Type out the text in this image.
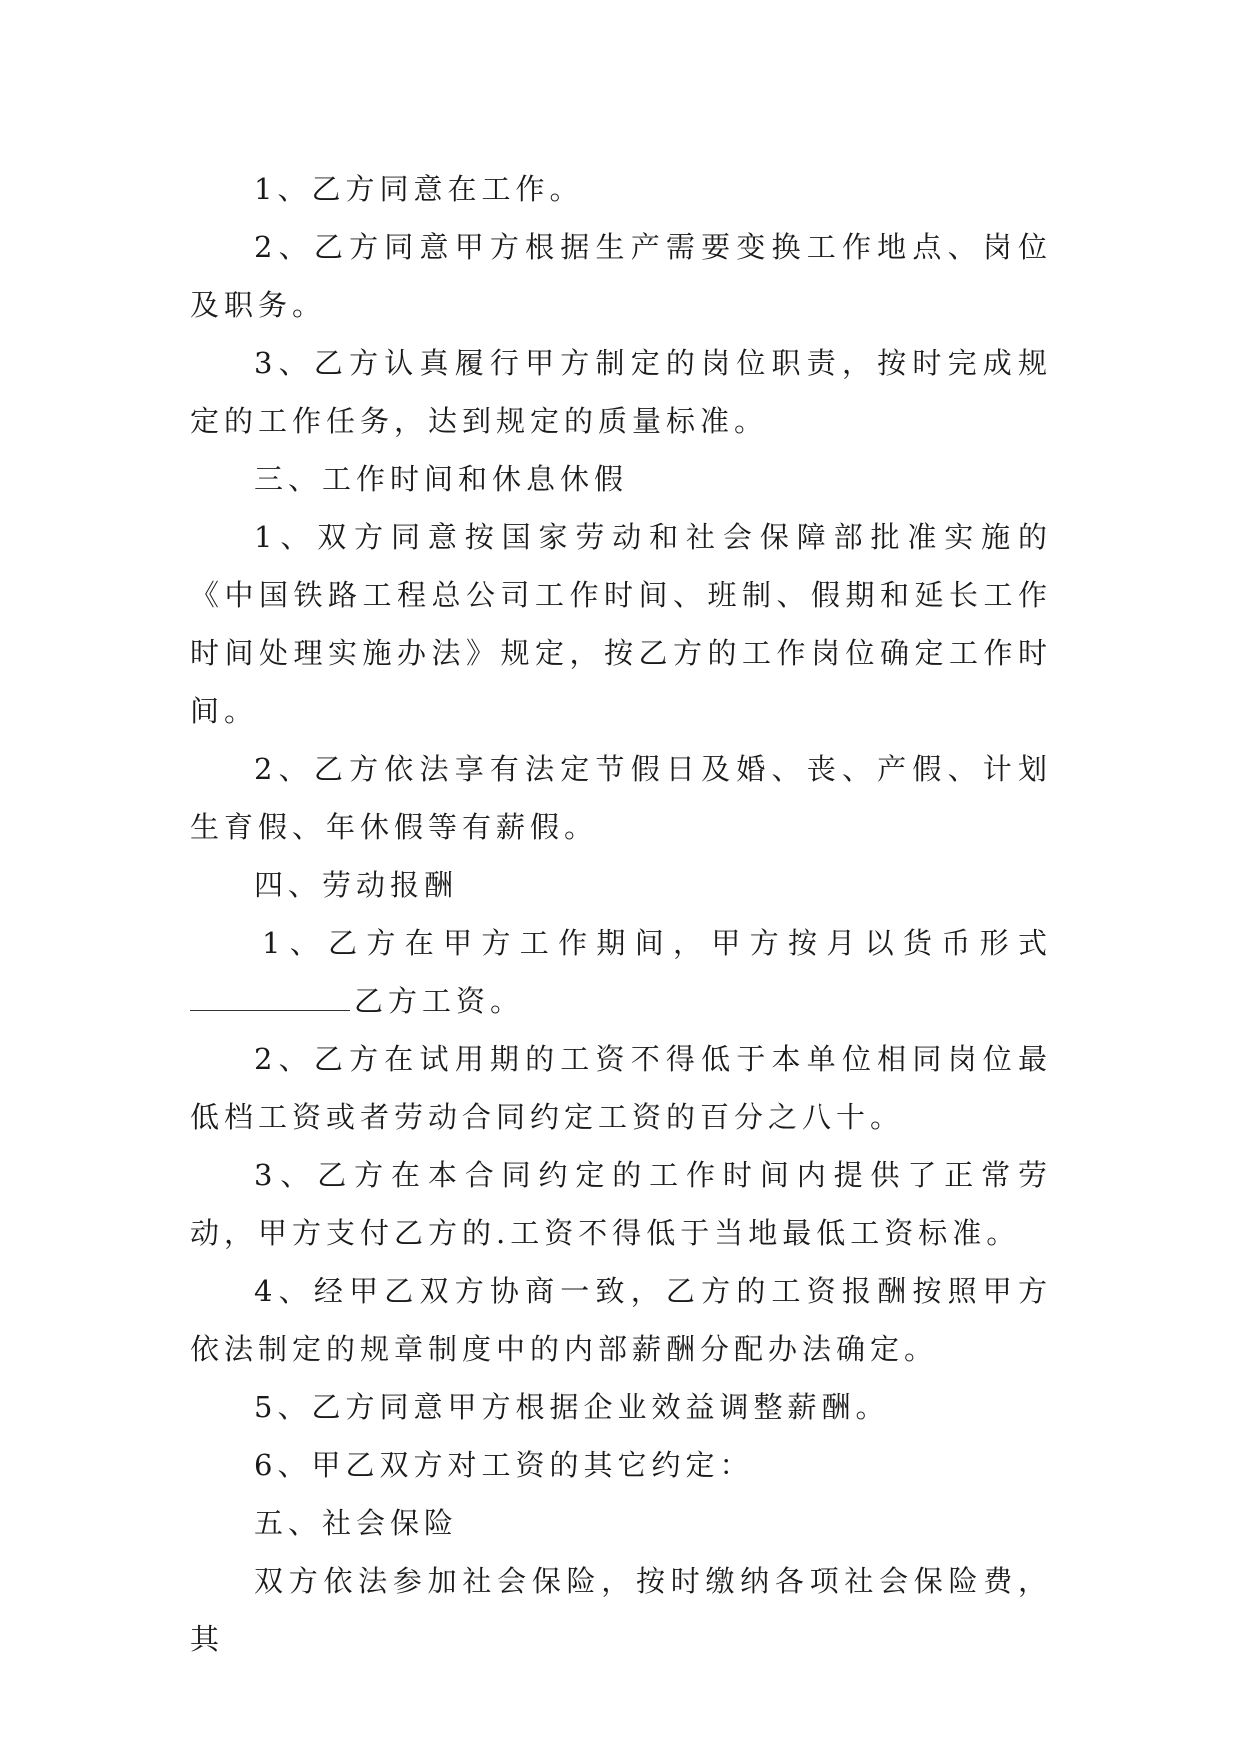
1、乙方同意在工作。

2、乙方同意甲方根据生产需要变换工作地点、岗位及职务。

3、乙方认真履行甲方制定的岗位职责，按时完成规定的工作任务，达到规定的质量标准。

三、工作时间和休息休假

1、双方同意按国家劳动和社会保障部批准实施的《中国铁路工程总公司工作时间、班制、假期和延长工作时间处理实施办法》规定，按乙方的工作岗位确定工作时间。

2、乙方依法享有法定节假日及婚、丧、产假、计划生育假、年休假等有薪假。

四、劳动报酬

1、乙方在甲方工作期间，甲方按月以货币形式
乙方工资。

2、乙方在试用期的工资不得低于本单位相同岗位最低档工资或者劳动合同约定工资的百分之八十。

3、乙方在本合同约定的工作时间内提供了正常劳动，甲方支付乙方的.工资不得低于当地最低工资标准。

4、经甲乙双方协商一致，乙方的工资报酬按照甲方依法制定的规章制度中的内部薪酬分配办法确定。

5、乙方同意甲方根据企业效益调整薪酬。

6、甲乙双方对工资的其它约定：

五、社会保险

双方依法参加社会保险，按时缴纳各项社会保险费，其
